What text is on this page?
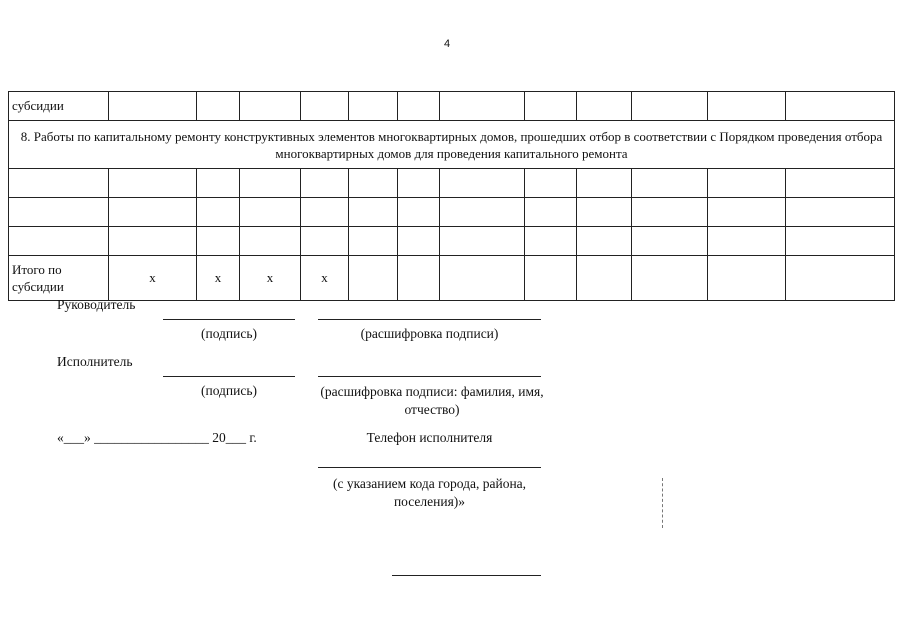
4
субсидии												
8. Работы по капитальному ремонту конструктивных элементов многоквартирных домов, прошедших отбор в соответствии с Порядком проведения отбора многоквартирных домов для проведения капитального ремонта												

Итого по субсидии	x	x	x	x								
Руководитель
(подпись)	(расшифровка подписи)
Исполнитель
(подпись)	(расшифровка подписи: фамилия, имя, отчество)
«___» _________________ 20___ г.	Телефон исполнителя
(с указанием кода города, района, поселения)»
